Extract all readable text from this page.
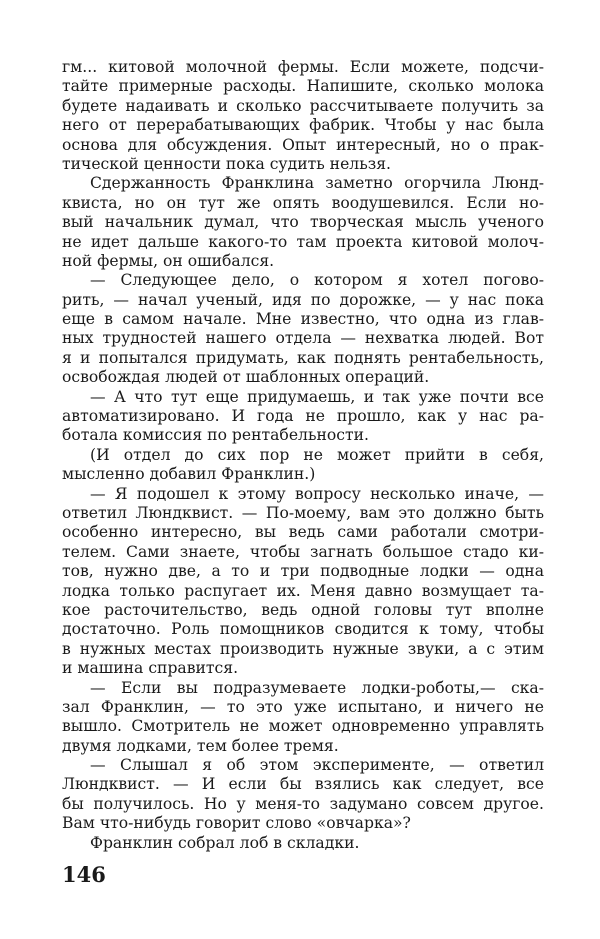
гм... китовой молочной фермы. Если можете, подсчи-
тайте примерные расходы. Напишите, сколько молока
будете надаивать и сколько рассчитываете получить за
него от перерабатывающих фабрик. Чтобы у нас была
основа для обсуждения. Опыт интересный, но о прак-
тической ценности пока судить нельзя.
Сдержанность Франклина заметно огорчила Люнд-
квиста, но он тут же опять воодушевился. Если но-
вый начальник думал, что творческая мысль ученого
не идет дальше какого-то там проекта китовой молоч-
ной фермы, он ошибался.
— Следующее дело, о котором я хотел погово-
рить, — начал ученый, идя по дорожке, — у нас пока
еще в самом начале. Мне известно, что одна из глав-
ных трудностей нашего отдела — нехватка людей. Вот
я и попытался придумать, как поднять рентабельность,
освобождая людей от шаблонных операций.
— А что тут еще придумаешь, и так уже почти все
автоматизировано. И года не прошло, как у нас ра-
ботала комиссия по рентабельности.
(И отдел до сих пор не может прийти в себя,
мысленно добавил Франклин.)
— Я подошел к этому вопросу несколько иначе, —
ответил Люндквист. — По-моему, вам это должно быть
особенно интересно, вы ведь сами работали смотри-
телем. Сами знаете, чтобы загнать большое стадо ки-
тов, нужно две, а то и три подводные лодки — одна
лодка только распугает их. Меня давно возмущает та-
кое расточительство, ведь одной головы тут вполне
достаточно. Роль помощников сводится к тому, чтобы
в нужных местах производить нужные звуки, а с этим
и машина справится.
— Если вы подразумеваете лодки-роботы,— ска-
зал Франклин, — то это уже испытано, и ничего не
вышло. Смотритель не может одновременно управлять
двумя лодками, тем более тремя.
— Слышал я об этом эксперименте, — ответил
Люндквист. — И если бы взялись как следует, все
бы получилось. Но у меня-то задумано совсем другое.
Вам что-нибудь говорит слово «овчарка»?
Франклин собрал лоб в складки.
146
